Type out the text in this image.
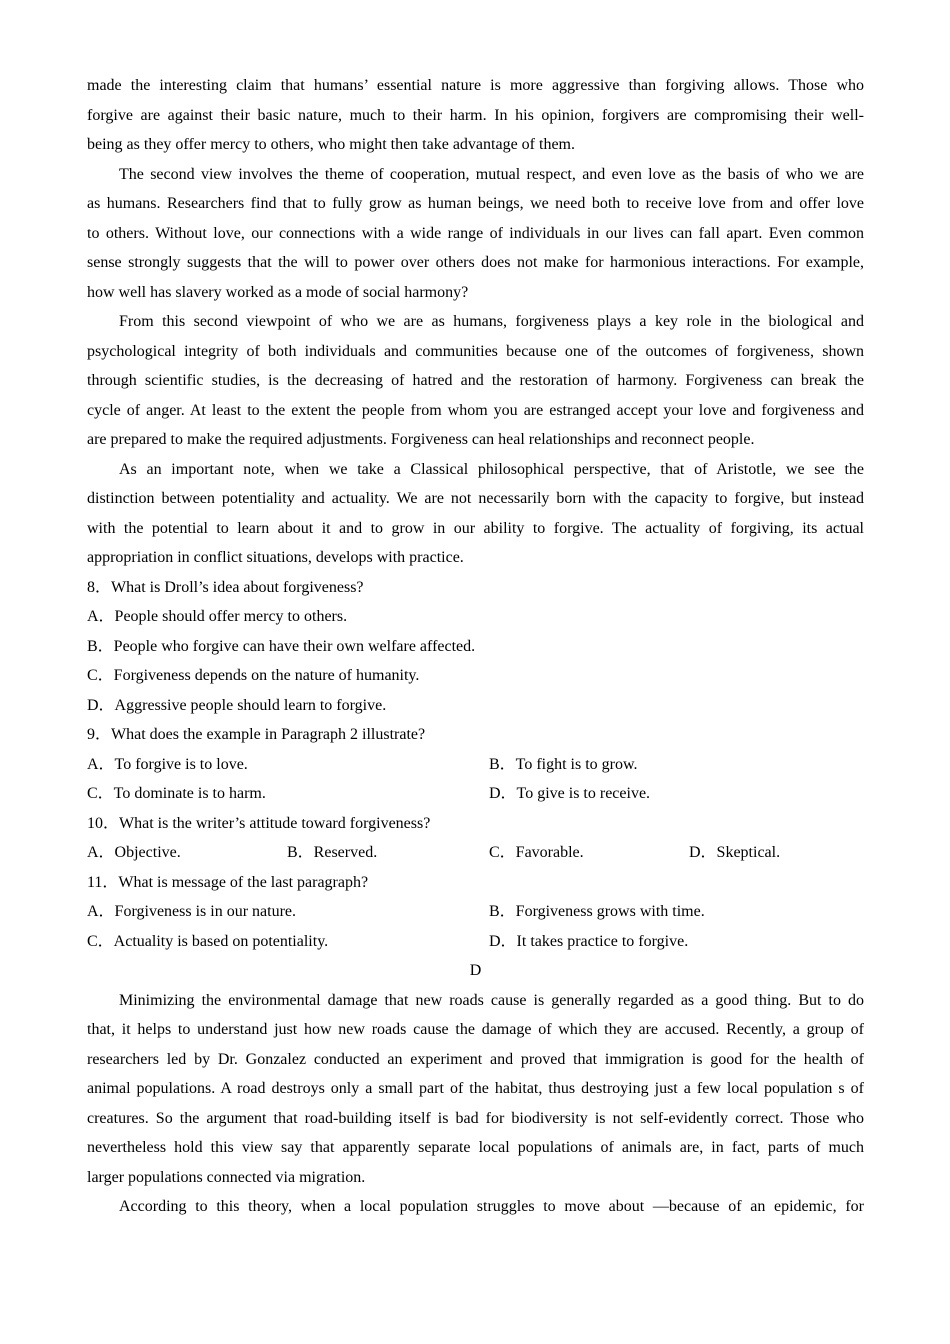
made the interesting claim that humans’ essential nature is more aggressive than forgiving allows. Those who
forgive are against their basic nature, much to their harm. In his opinion, forgivers are compromising their well-
being as they offer mercy to others, who might then take advantage of them.
The second view involves the theme of cooperation, mutual respect, and even love as the basis of who we are
as humans. Researchers find that to fully grow as human beings, we need both to receive love from and offer love
to others. Without love, our connections with a wide range of individuals in our lives can fall apart. Even common
sense strongly suggests that the will to power over others does not make for harmonious interactions. For example,
how well has slavery worked as a mode of social harmony?
From this second viewpoint of who we are as humans, forgiveness plays a key role in the biological and
psychological integrity of both individuals and communities because one of the outcomes of forgiveness, shown
through scientific studies, is the decreasing of hatred and the restoration of harmony. Forgiveness can break the
cycle of anger. At least to the extent the people from whom you are estranged accept your love and forgiveness and
are prepared to make the required adjustments. Forgiveness can heal relationships and reconnect people.
As an important note, when we take a Classical philosophical perspective, that of Aristotle, we see the
distinction between potentiality and actuality. We are not necessarily born with the capacity to forgive, but instead
with the potential to learn about it and to grow in our ability to forgive. The actuality of forgiving, its actual
appropriation in conflict situations, develops with practice.
8．What is Droll’s idea about forgiveness?
A．People should offer mercy to others.
B．People who forgive can have their own welfare affected.
C．Forgiveness depends on the nature of humanity.
D．Aggressive people should learn to forgive.
9．What does the example in Paragraph 2 illustrate?
A．To forgive is to love.	B．To fight is to grow.
C．To dominate is to harm.	D．To give is to receive.
10．What is the writer’s attitude toward forgiveness?
A．Objective.	B．Reserved.	C．Favorable.	D．Skeptical.
11．What is message of the last paragraph?
A．Forgiveness is in our nature.	B．Forgiveness grows with time.
C．Actuality is based on potentiality.	D．It takes practice to forgive.
D
Minimizing the environmental damage that new roads cause is generally regarded as a good thing. But to do
that, it helps to understand just how new roads cause the damage of which they are accused. Recently, a group of
researchers led by Dr. Gonzalez conducted an experiment and proved that immigration is good for the health of
animal populations. A road destroys only a small part of the habitat, thus destroying just a few local population s of
creatures. So the argument that road-building itself is bad for biodiversity is not self-evidently correct. Those who
nevertheless hold this view say that apparently separate local populations of animals are, in fact, parts of much
larger populations connected via migration.
According to this theory, when a local population struggles to move about —because of an epidemic, for
